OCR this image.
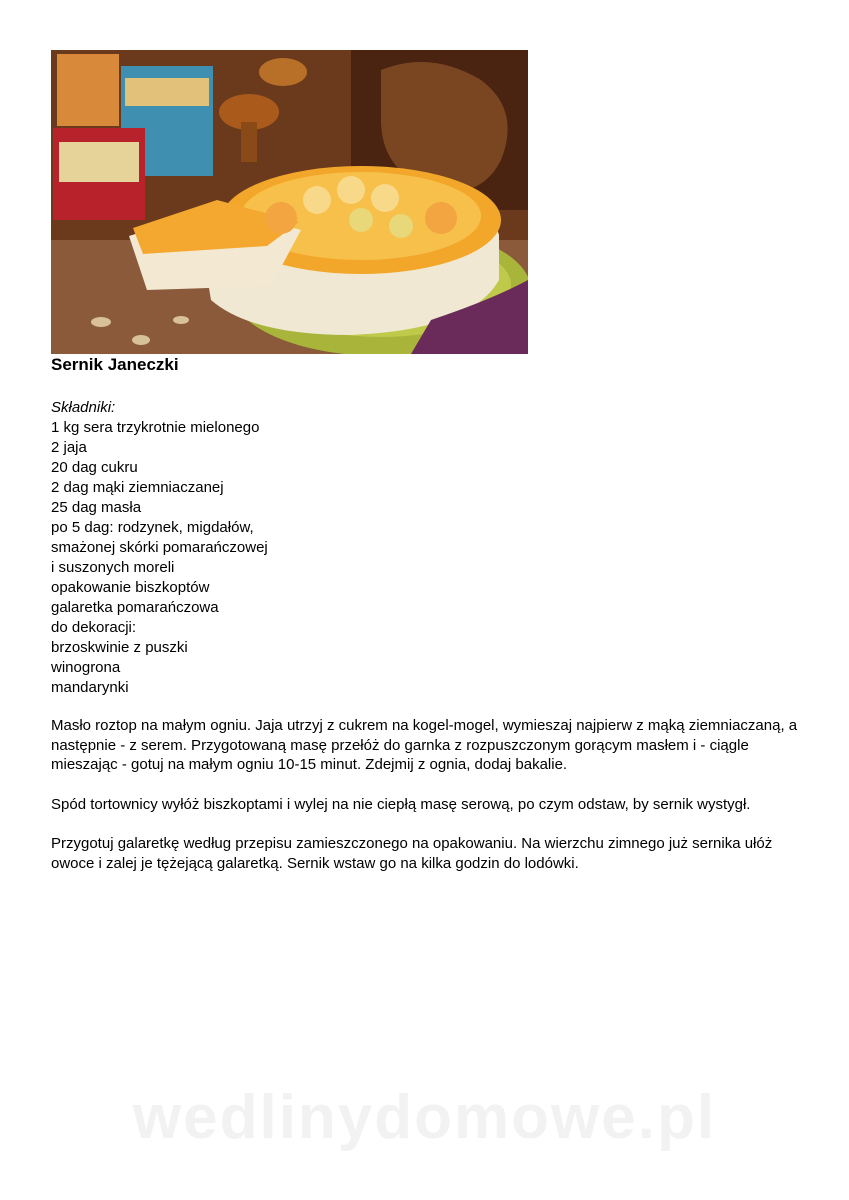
Sernik Janeczki
Składniki:
1 kg sera trzykrotnie mielonego
2 jaja
20 dag cukru
2 dag mąki ziemniaczanej
25 dag masła
po 5 dag: rodzynek, migdałów,
smażonej skórki pomarańczowej
i suszonych moreli
opakowanie biszkoptów
galaretka pomarańczowa
do dekoracji:
brzoskwinie z puszki
winogrona
mandarynki

Masło roztop na małym ogniu. Jaja utrzyj z cukrem na kogel-mogel, wymieszaj najpierw z mąką ziemniaczaną, a następnie - z serem. Przygotowaną masę przełóż do garnka z rozpuszczonym gorącym masłem i - ciągle mieszając - gotuj na małym ogniu 10-15 minut. Zdejmij z ognia, dodaj bakalie.

Spód tortownicy wyłóż biszkoptami i wylej na nie ciepłą masę serową, po czym odstaw, by sernik wystygł.

Przygotuj galaretkę według przepisu zamieszczonego na opakowaniu. Na wierzchu zimnego już sernika ułóż owoce i zalej je tężejącą galaretką. Sernik wstaw go na kilka godzin do lodówki.

wedlinydomowe.pl
